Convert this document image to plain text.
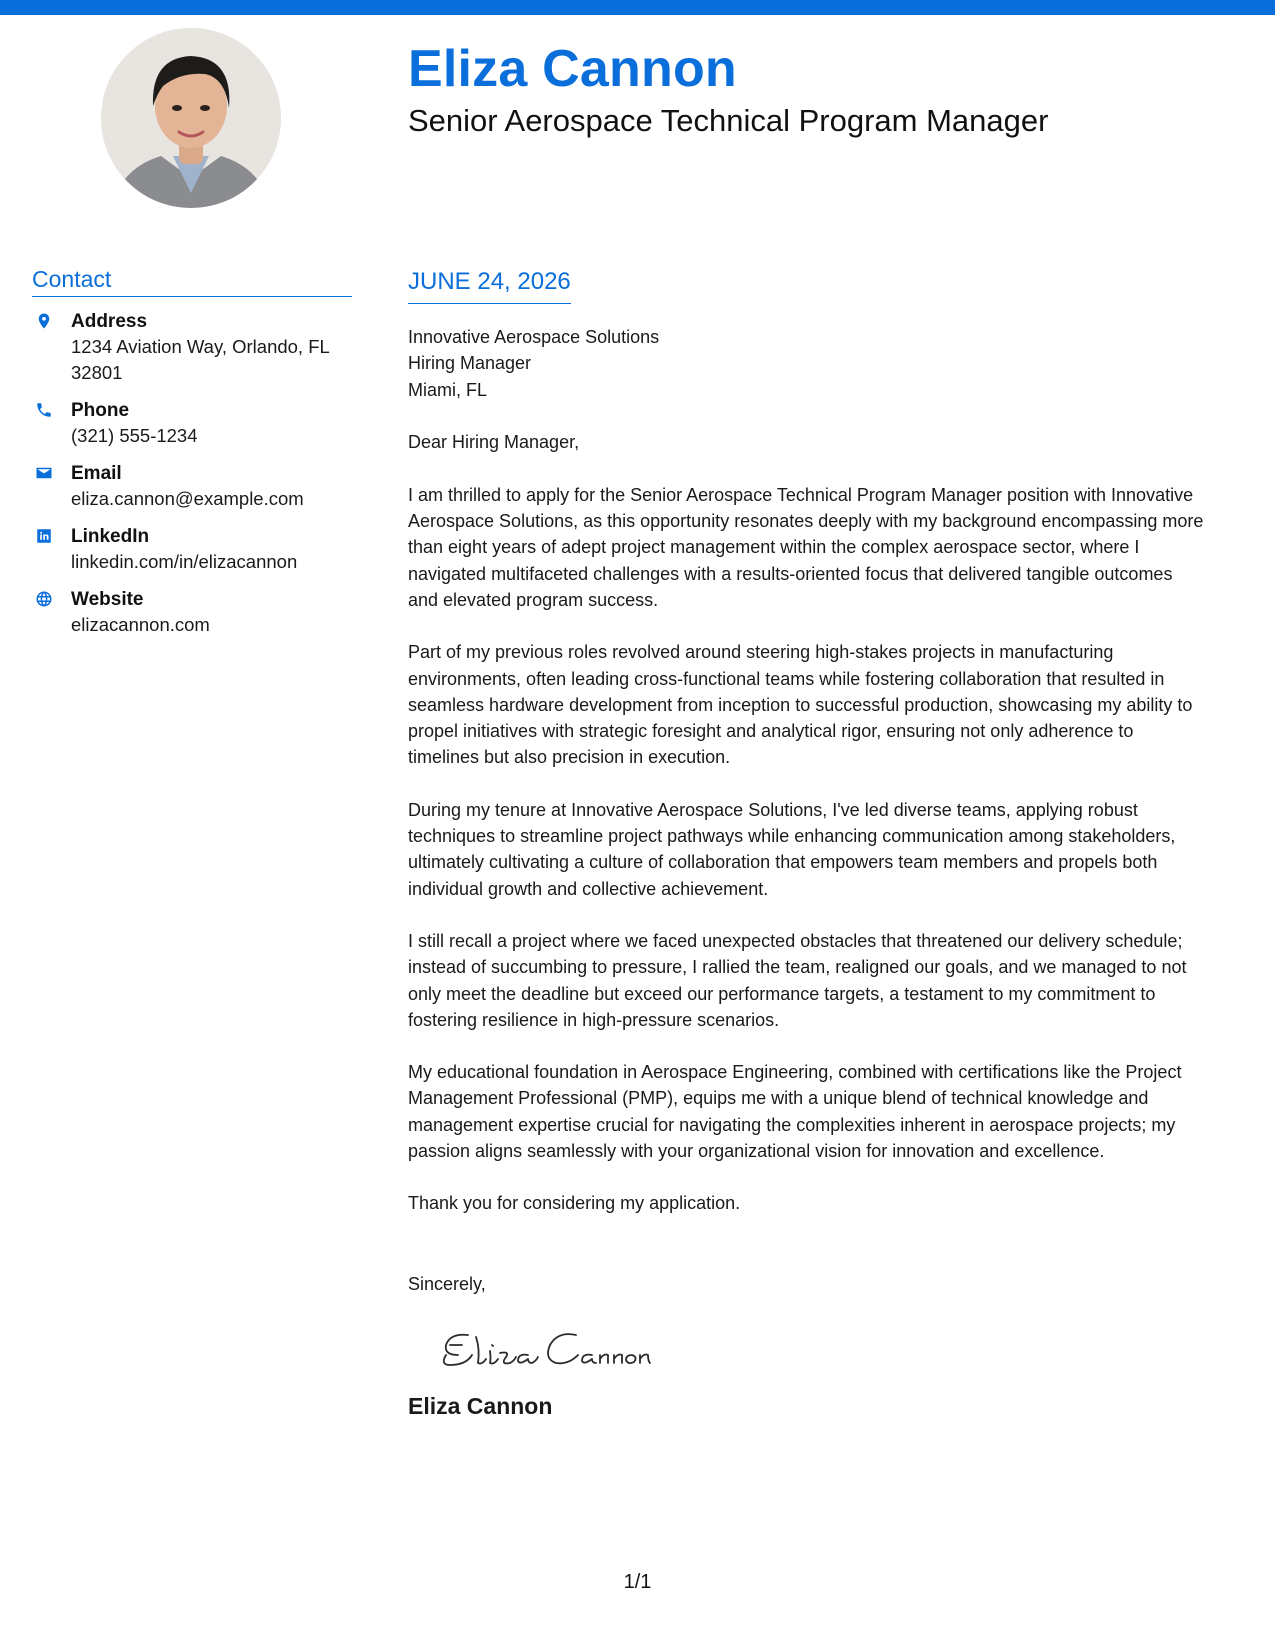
Eliza Cannon
Senior Aerospace Technical Program Manager
Contact
Address
1234 Aviation Way, Orlando, FL
32801
Phone
(321) 555-1234
Email
eliza.cannon@example.com
LinkedIn
linkedin.com/in/elizacannon
Website
elizacannon.com
JUNE 24, 2026
Innovative Aerospace Solutions
Hiring Manager
Miami, FL
Dear Hiring Manager,
I am thrilled to apply for the Senior Aerospace Technical Program Manager position with Innovative
Aerospace Solutions, as this opportunity resonates deeply with my background encompassing more
than eight years of adept project management within the complex aerospace sector, where I
navigated multifaceted challenges with a results-oriented focus that delivered tangible outcomes
and elevated program success.
Part of my previous roles revolved around steering high-stakes projects in manufacturing
environments, often leading cross-functional teams while fostering collaboration that resulted in
seamless hardware development from inception to successful production, showcasing my ability to
propel initiatives with strategic foresight and analytical rigor, ensuring not only adherence to
timelines but also precision in execution.
During my tenure at Innovative Aerospace Solutions, I've led diverse teams, applying robust
techniques to streamline project pathways while enhancing communication among stakeholders,
ultimately cultivating a culture of collaboration that empowers team members and propels both
individual growth and collective achievement.
I still recall a project where we faced unexpected obstacles that threatened our delivery schedule;
instead of succumbing to pressure, I rallied the team, realigned our goals, and we managed to not
only meet the deadline but exceed our performance targets, a testament to my commitment to
fostering resilience in high-pressure scenarios.
My educational foundation in Aerospace Engineering, combined with certifications like the Project
Management Professional (PMP), equips me with a unique blend of technical knowledge and
management expertise crucial for navigating the complexities inherent in aerospace projects; my
passion aligns seamlessly with your organizational vision for innovation and excellence.
Thank you for considering my application.
Sincerely,
Eliza Cannon
1/1
